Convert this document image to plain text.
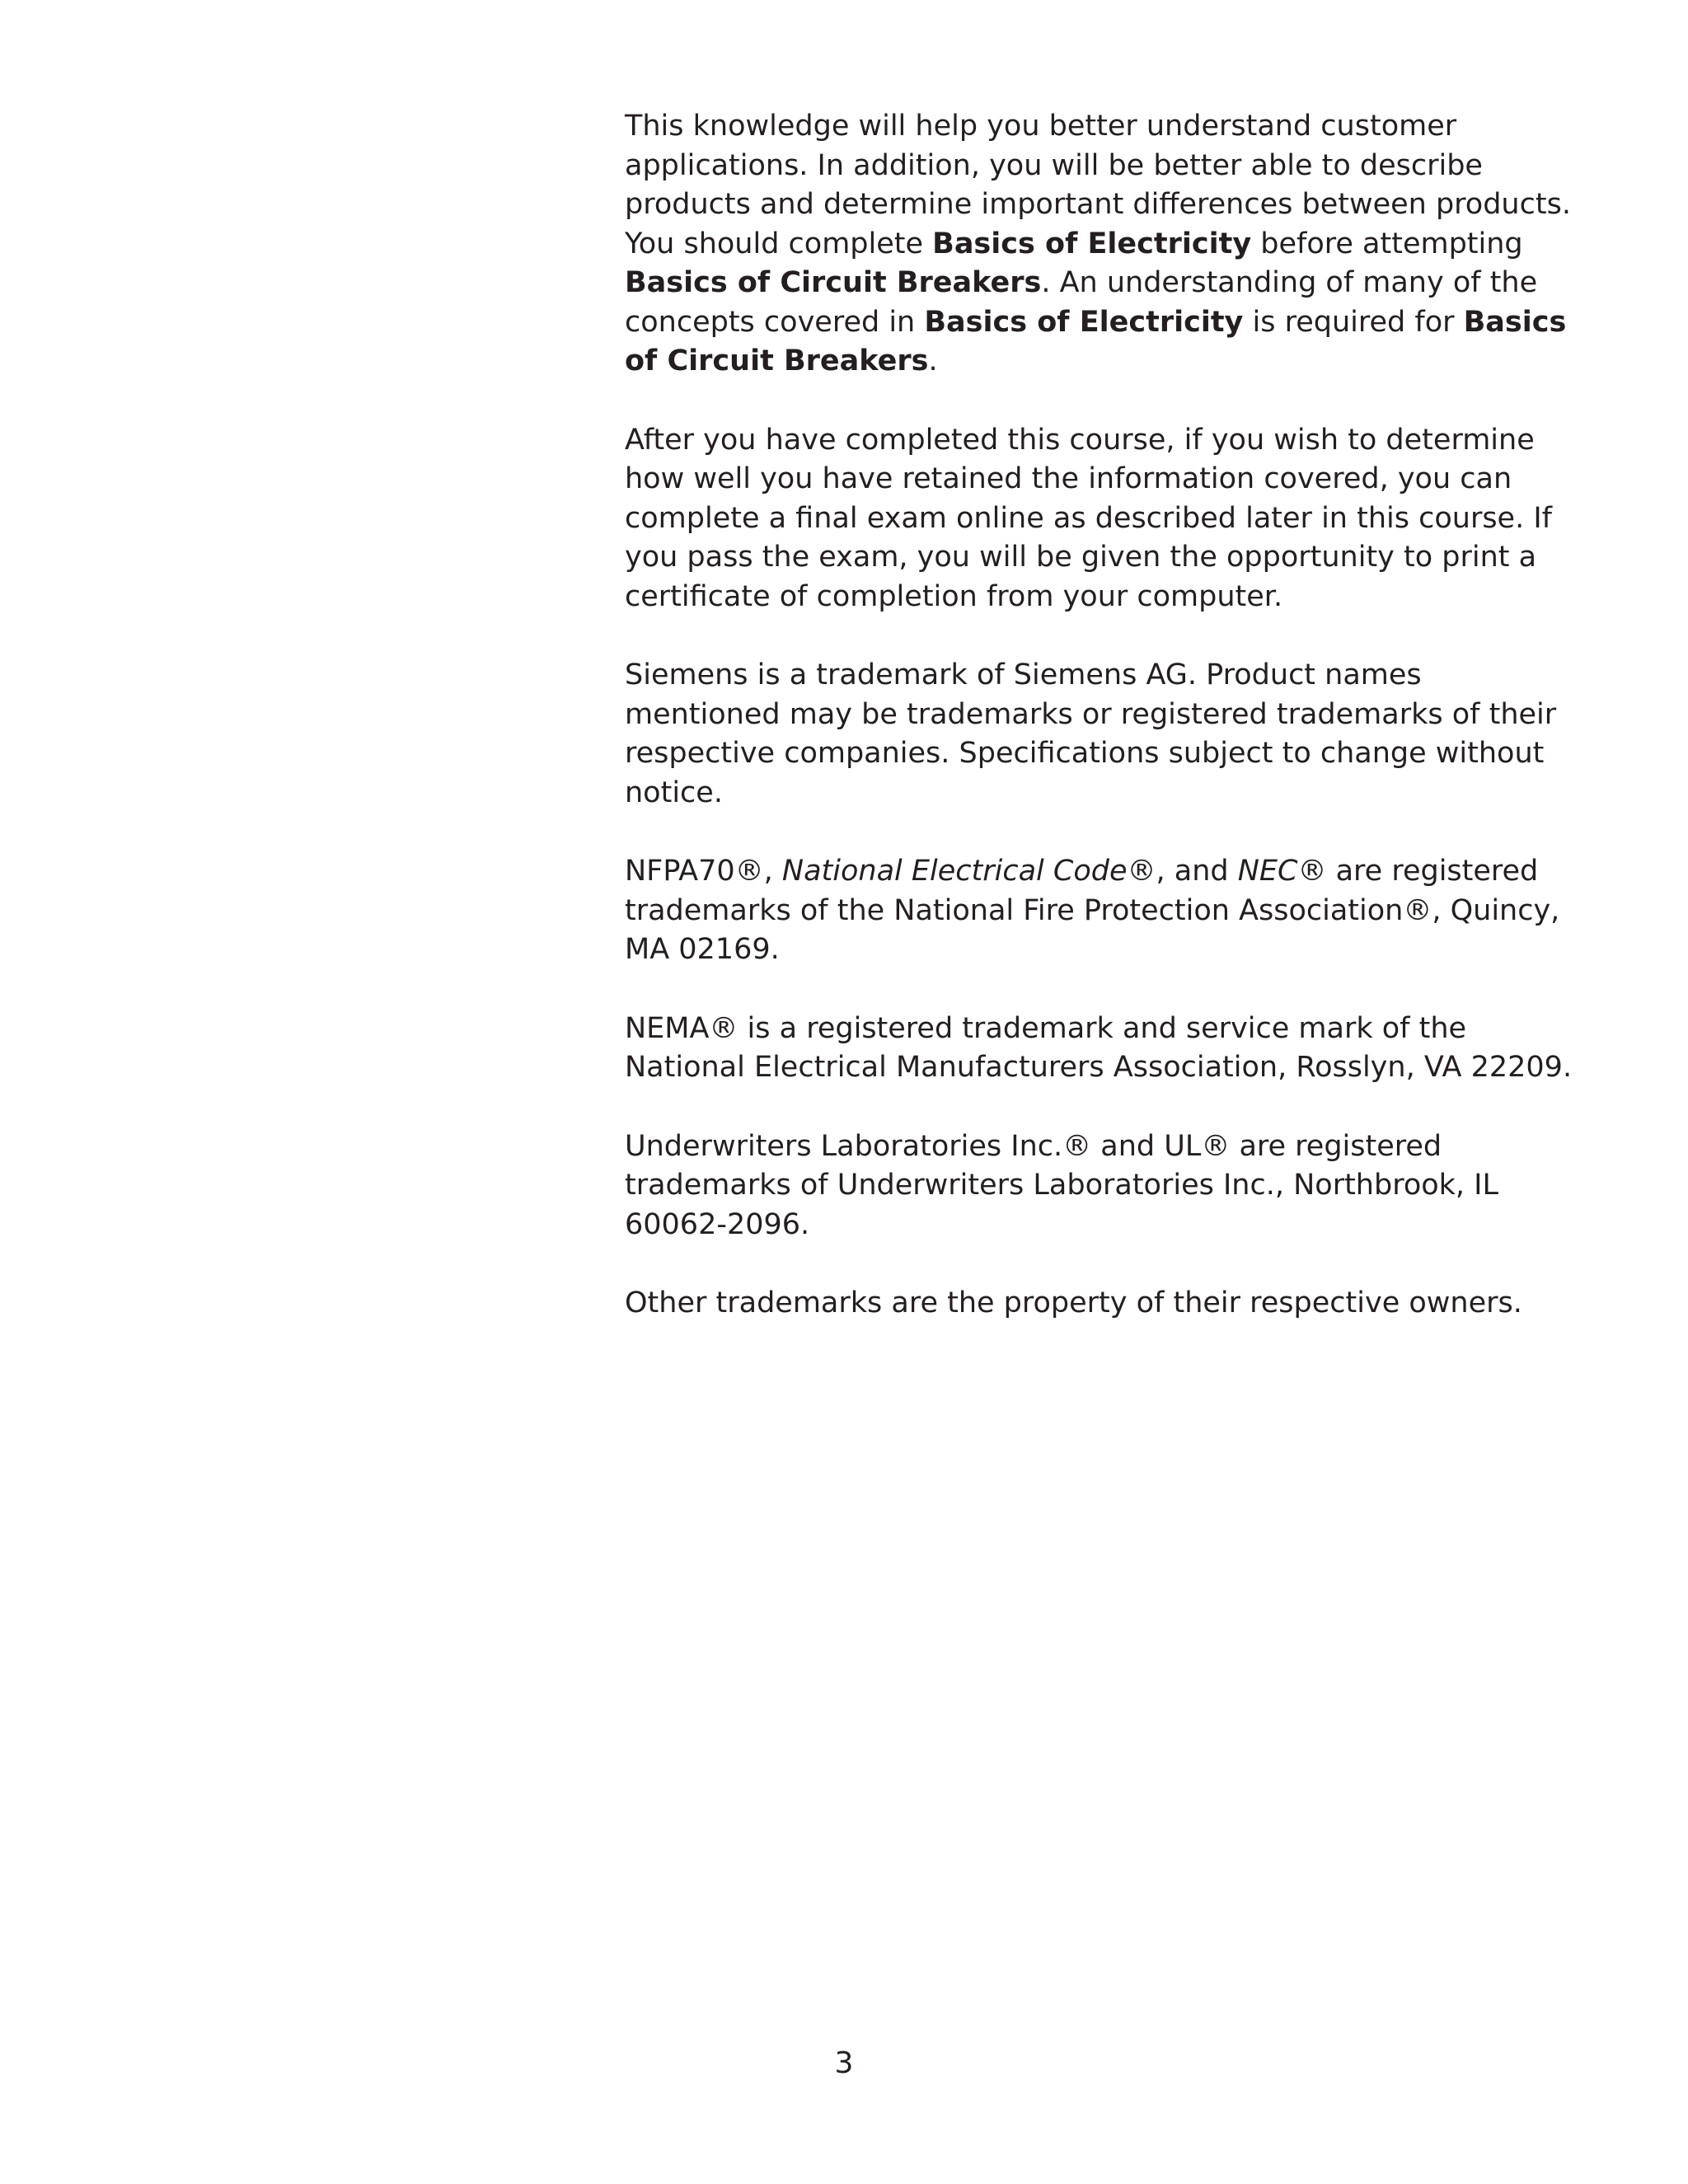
This knowledge will help you better understand customer applications. In addition, you will be better able to describe products and determine important differences between products. You should complete Basics of Electricity before attempting Basics of Circuit Breakers. An understanding of many of the concepts covered in Basics of Electricity is required for Basics of Circuit Breakers.

After you have completed this course, if you wish to determine how well you have retained the information covered, you can complete a final exam online as described later in this course. If you pass the exam, you will be given the opportunity to print a certificate of completion from your computer.

Siemens is a trademark of Siemens AG. Product names mentioned may be trademarks or registered trademarks of their respective companies. Specifications subject to change without notice.

NFPA70®, National Electrical Code®, and NEC® are registered trademarks of the National Fire Protection Association®, Quincy, MA 02169.

NEMA® is a registered trademark and service mark of the National Electrical Manufacturers Association, Rosslyn, VA 22209.

Underwriters Laboratories Inc.® and UL® are registered trademarks of Underwriters Laboratories Inc., Northbrook, IL 60062-2096.

Other trademarks are the property of their respective owners.

3
